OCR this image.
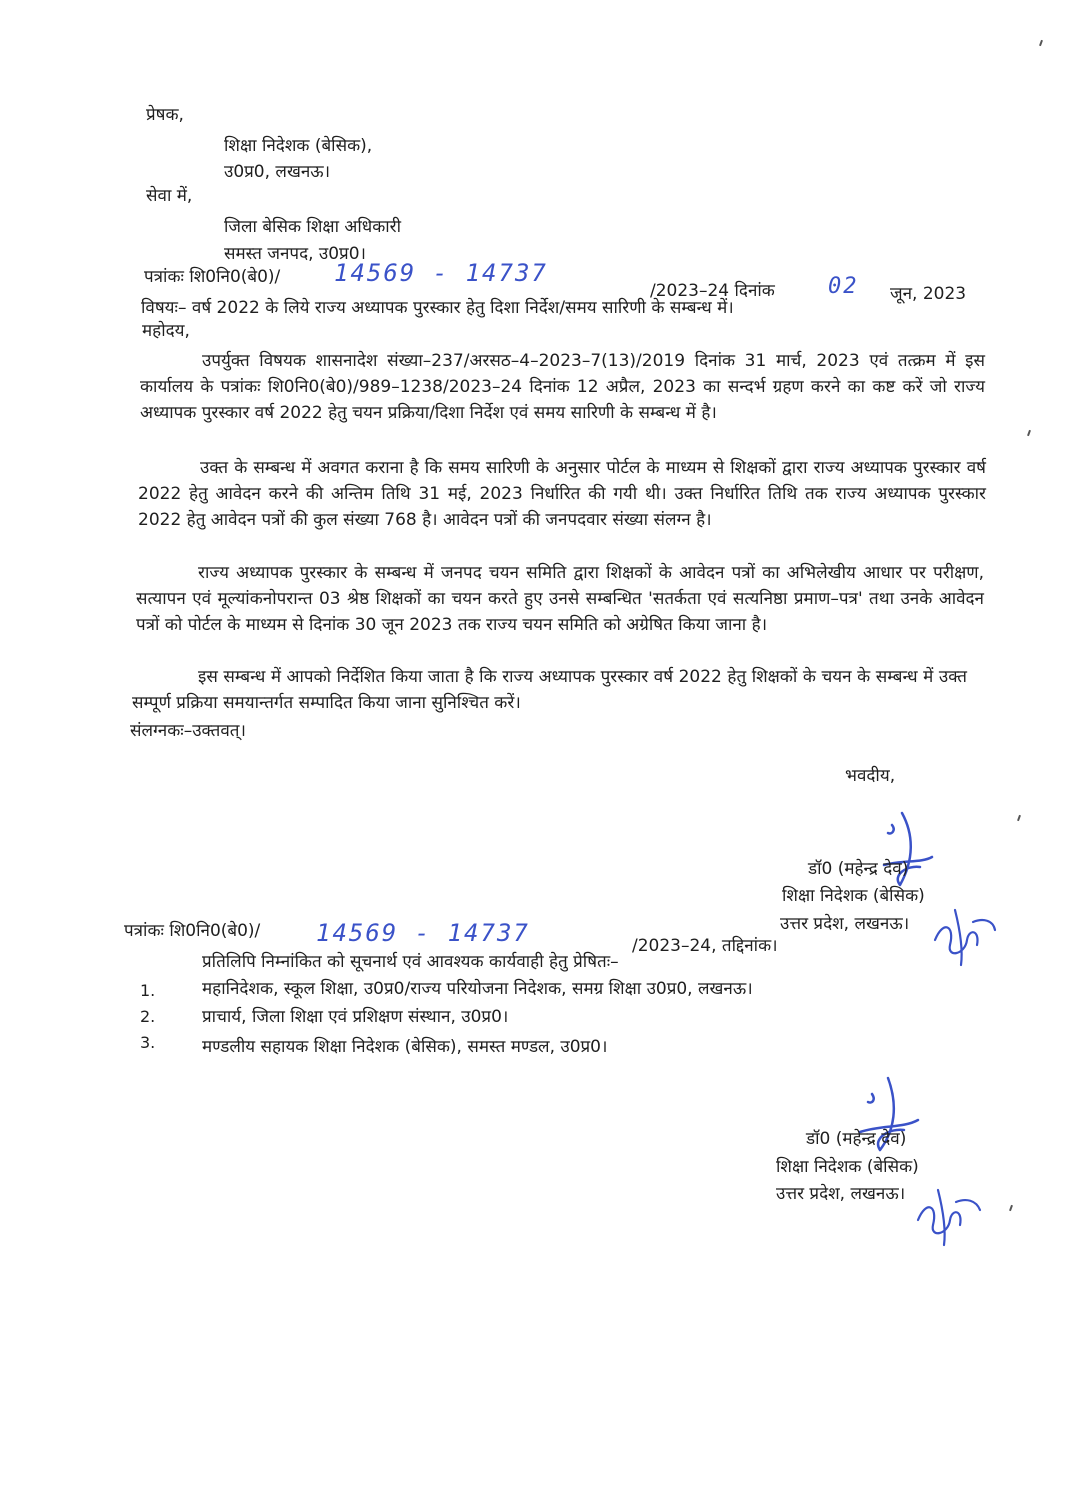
प्रेषक,
शिक्षा निदेशक (बेसिक),
उ0प्र0, लखनऊ।
सेवा में,
जिला बेसिक शिक्षा अधिकारी
समस्त जनपद, उ0प्र0।
पत्रांकः शि0नि0(बे0)/ 14569 - 14737
/2023–24 दिनांक 02 जून, 2023
विषयः– वर्ष 2022 के लिये राज्य अध्यापक पुरस्कार हेतु दिशा निर्देश/समय सारिणी के सम्बन्ध में।
महोदय,
उपर्युक्त विषयक शासनादेश संख्या–237/अरसठ–4–2023–7(13)/2019 दिनांक 31 मार्च, 2023 एवं तत्क्रम में इस कार्यालय के पत्रांकः शि0नि0(बे0)/989–1238/2023–24 दिनांक 12 अप्रैल, 2023 का सन्दर्भ ग्रहण करने का कष्ट करें जो राज्य अध्यापक पुरस्कार वर्ष 2022 हेतु चयन प्रक्रिया/दिशा निर्देश एवं समय सारिणी के सम्बन्ध में है।
उक्त के सम्बन्ध में अवगत कराना है कि समय सारिणी के अनुसार पोर्टल के माध्यम से शिक्षकों द्वारा राज्य अध्यापक पुरस्कार वर्ष 2022 हेतु आवेदन करने की अन्तिम तिथि 31 मई, 2023 निर्धारित की गयी थी। उक्त निर्धारित तिथि तक राज्य अध्यापक पुरस्कार 2022 हेतु आवेदन पत्रों की कुल संख्या 768 है। आवेदन पत्रों की जनपदवार संख्या संलग्न है।
राज्य अध्यापक पुरस्कार के सम्बन्ध में जनपद चयन समिति द्वारा शिक्षकों के आवेदन पत्रों का अभिलेखीय आधार पर परीक्षण, सत्यापन एवं मूल्यांकनोपरान्त 03 श्रेष्ठ शिक्षकों का चयन करते हुए उनसे सम्बन्धित 'सतर्कता एवं सत्यनिष्ठा प्रमाण–पत्र' तथा उनके आवेदन पत्रों को पोर्टल के माध्यम से दिनांक 30 जून 2023 तक राज्य चयन समिति को अग्रेषित किया जाना है।
इस सम्बन्ध में आपको निर्देशित किया जाता है कि राज्य अध्यापक पुरस्कार वर्ष 2022 हेतु शिक्षकों के चयन के सम्बन्ध में उक्त सम्पूर्ण प्रक्रिया समयान्तर्गत सम्पादित किया जाना सुनिश्चित करें।
संलग्नकः–उक्तवत्।
भवदीय,
डॉ0 (महेन्द्र देव)
शिक्षा निदेशक (बेसिक)
उत्तर प्रदेश, लखनऊ।
पत्रांकः शि0नि0(बे0)/ 14569 - 14737	/2023–24, तद्दिनांक।
प्रतिलिपि निम्नांकित को सूचनार्थ एवं आवश्यक कार्यवाही हेतु प्रेषितः–
1.	महानिदेशक, स्कूल शिक्षा, उ0प्र0/राज्य परियोजना निदेशक, समग्र शिक्षा उ0प्र0, लखनऊ।
2.	प्राचार्य, जिला शिक्षा एवं प्रशिक्षण संस्थान, उ0प्र0।
3.	मण्डलीय सहायक शिक्षा निदेशक (बेसिक), समस्त मण्डल, उ0प्र0।
डॉ0 (महेन्द्र देव)
शिक्षा निदेशक (बेसिक)
उत्तर प्रदेश, लखनऊ।
